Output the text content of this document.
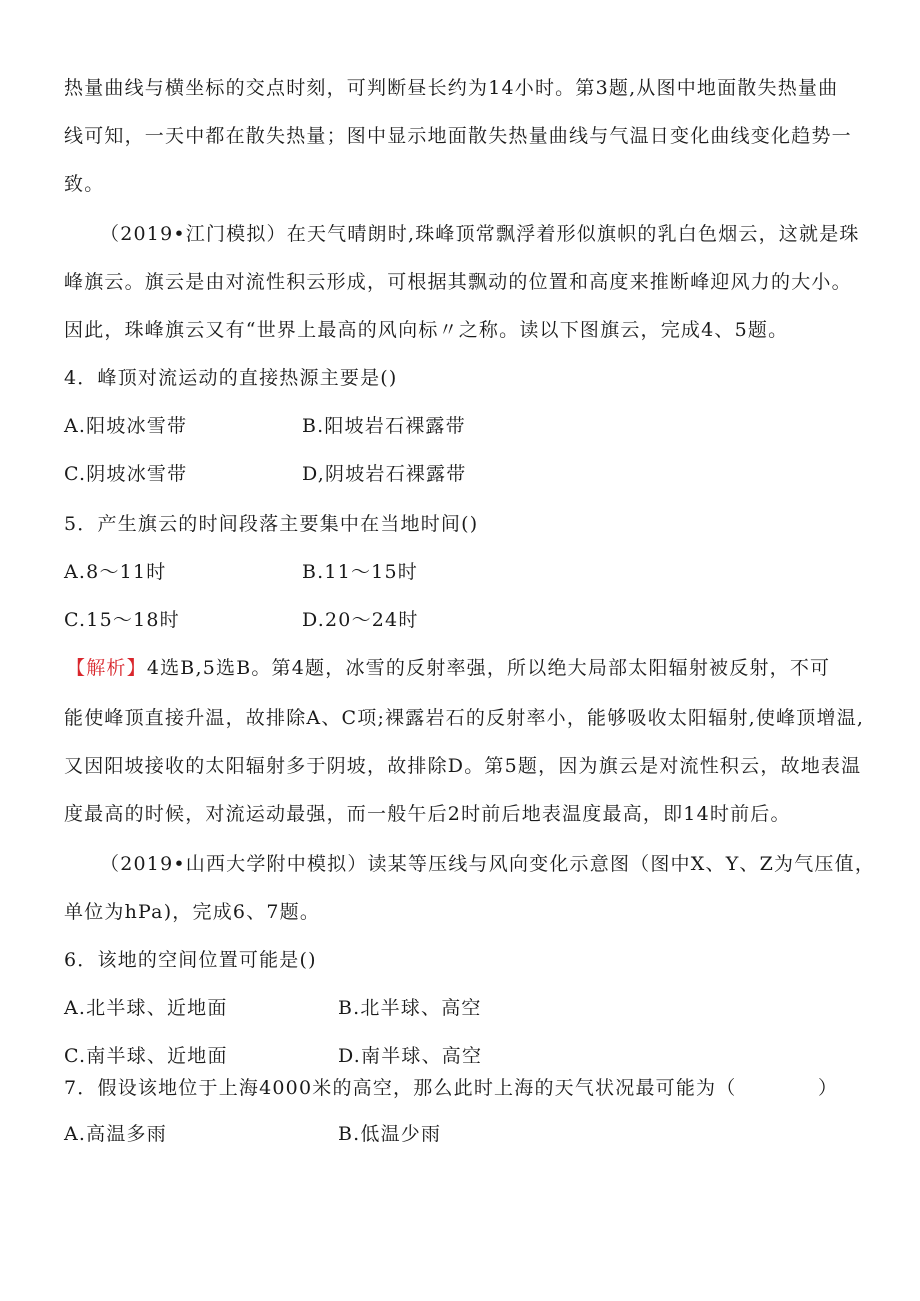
热量曲线与横坐标的交点时刻，可判断昼长约为14小时。第3题,从图中地面散失热量曲
线可知，一天中都在散失热量；图中显示地面散失热量曲线与气温日变化曲线变化趋势一
致。
（2019•江门模拟）在天气晴朗时,珠峰顶常飘浮着形似旗帜的乳白色烟云，这就是珠
峰旗云。旗云是由对流性积云形成，可根据其飘动的位置和高度来推断峰迎风力的大小。
因此，珠峰旗云又有“世界上最高的风向标〃之称。读以下图旗云，完成4、5题。
4．峰顶对流运动的直接热源主要是()
A.阳坡冰雪带	B.阳坡岩石裸露带
C.阴坡冰雪带	D,阴坡岩石裸露带
5．产生旗云的时间段落主要集中在当地时间()
A.8～11时	B.11～15时
C.15～18时	D.20～24时
【解析】4选B,5选B。第4题，冰雪的反射率强，所以绝大局部太阳辐射被反射，不可
能使峰顶直接升温，故排除A、C项;裸露岩石的反射率小，能够吸收太阳辐射,使峰顶增温,
又因阳坡接收的太阳辐射多于阴坡，故排除D。第5题，因为旗云是对流性积云，故地表温
度最高的时候，对流运动最强，而一般午后2时前后地表温度最高，即14时前后。
（2019•山西大学附中模拟）读某等压线与风向变化示意图（图中X、Y、Z为气压值，
单位为hPa)，完成6、7题。
6．该地的空间位置可能是()
A.北半球、近地面	B.北半球、高空
C.南半球、近地面	D.南半球、高空
7．假设该地位于上海4000米的高空，那么此时上海的天气状况最可能为（	）
A.高温多雨	B.低温少雨
